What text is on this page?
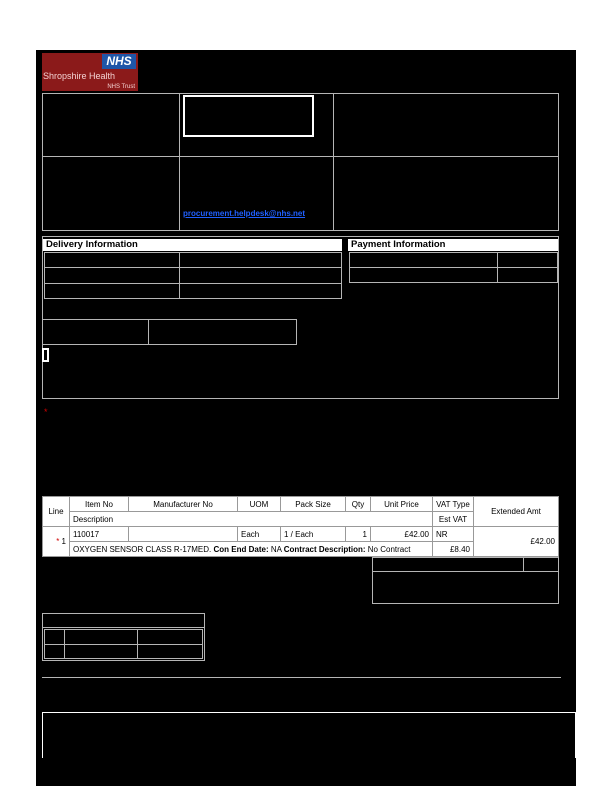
NHS
Shropshire Health
NHS Trust
procurement.helpdesk@nhs.net
Delivery Information	Payment Information
*
Line	Item No	Manufacturer No	UOM	Pack Size	Qty	Unit Price	VAT Type	Extended Amt
	Description						Est VAT	
* 1	110017		Each	1 / Each	1	£42.00	NR	£42.00
	OXYGEN SENSOR CLASS R-17MED. Con End Date: NA Contract Description: No Contract						£8.40	
